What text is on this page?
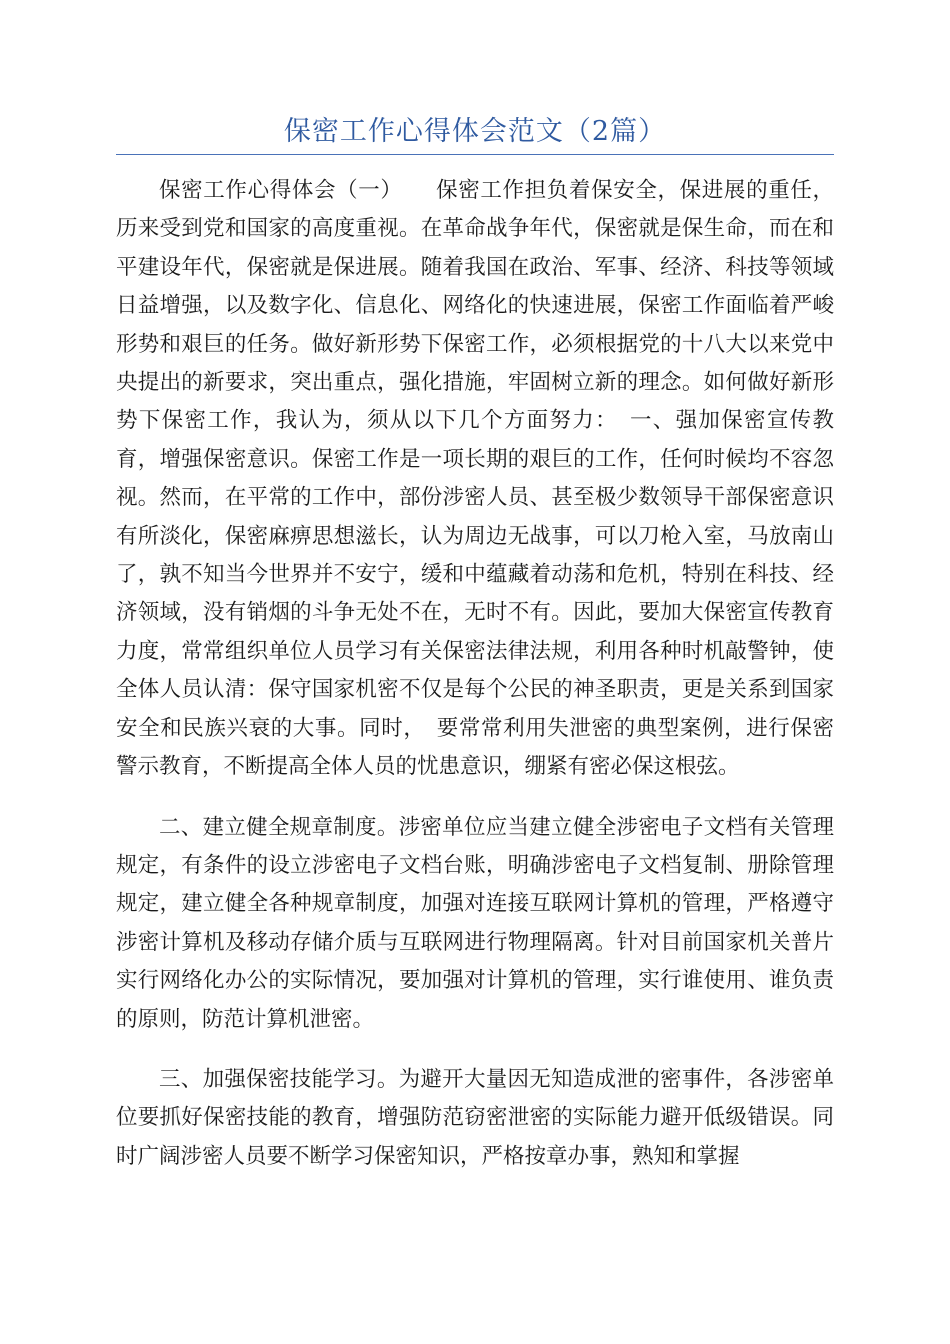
保密工作心得体会范文（2篇）

保密工作心得体会（一）　　保密工作担负着保安全，保进展的重任，历来受到党和国家的高度重视。在革命战争年代，保密就是保生命，而在和平建设年代，保密就是保进展。随着我国在政治、军事、经济、科技等领域日益增强，以及数字化、信息化、网络化的快速进展，保密工作面临着严峻形势和艰巨的任务。做好新形势下保密工作，必须根据党的十八大以来党中央提出的新要求，突出重点，强化措施，牢固树立新的理念。如何做好新形势下保密工作，我认为，须从以下几个方面努力：　一、强加保密宣传教育，增强保密意识。保密工作是一项长期的艰巨的工作，任何时候均不容忽视。然而，在平常的工作中，部份涉密人员、甚至极少数领导干部保密意识有所淡化，保密麻痹思想滋长，认为周边无战事，可以刀枪入室，马放南山了，孰不知当今世界并不安宁，缓和中蕴藏着动荡和危机，特别在科技、经济领域，没有销烟的斗争无处不在，无时不有。因此，要加大保密宣传教育力度，常常组织单位人员学习有关保密法律法规，利用各种时机敲警钟，使全体人员认清：保守国家机密不仅是每个公民的神圣职责，更是关系到国家安全和民族兴衰的大事。同时，　要常常利用失泄密的典型案例，进行保密警示教育，不断提高全体人员的忧患意识，绷紧有密必保这根弦。

二、建立健全规章制度。涉密单位应当建立健全涉密电子文档有关管理规定，有条件的设立涉密电子文档台账，明确涉密电子文档复制、册除管理规定，建立健全各种规章制度，加强对连接互联网计算机的管理，严格遵守涉密计算机及移动存储介质与互联网进行物理隔离。针对目前国家机关普片实行网络化办公的实际情况，要加强对计算机的管理，实行谁使用、谁负责的原则，防范计算机泄密。

三、加强保密技能学习。为避开大量因无知造成泄的密事件，各涉密单位要抓好保密技能的教育，增强防范窃密泄密的实际能力避开低级错误。同时广阔涉密人员要不断学习保密知识，严格按章办事，熟知和掌握
